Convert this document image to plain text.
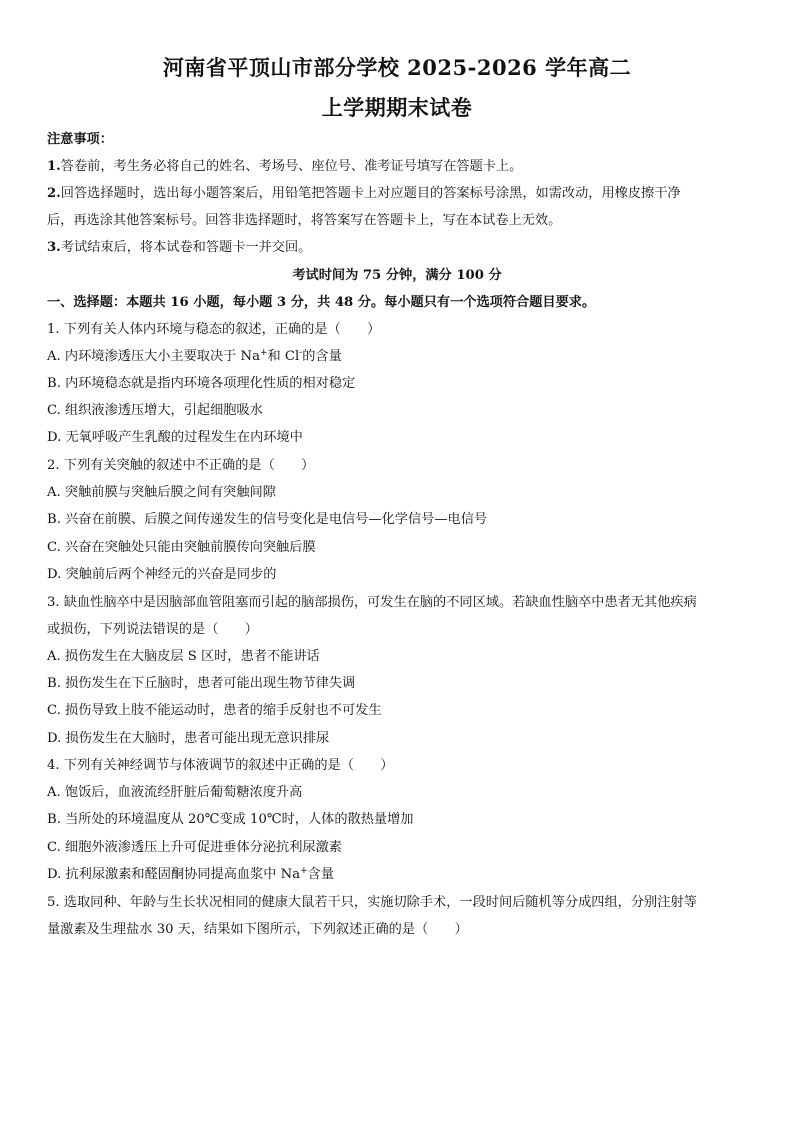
河南省平顶山市部分学校 2025-2026 学年高二
上学期期末试卷
注意事项：
1.答卷前，考生务必将自己的姓名、考场号、座位号、准考证号填写在答题卡上。
2.回答选择题时，选出每小题答案后，用铅笔把答题卡上对应题目的答案标号涂黑，如需改动，用橡皮擦干净
后，再选涂其他答案标号。回答非选择题时，将答案写在答题卡上，写在本试卷上无效。
3.考试结束后，将本试卷和答题卡一并交回。
考试时间为 75 分钟，满分 100 分
一、选择题：本题共 16 小题，每小题 3 分，共 48 分。每小题只有一个选项符合题目要求。
1. 下列有关人体内环境与稳态的叙述，正确的是（　　）
A. 内环境渗透压大小主要取决于 Na+和 Cl-的含量
B. 内环境稳态就是指内环境各项理化性质的相对稳定
C. 组织液渗透压增大，引起细胞吸水
D. 无氧呼吸产生乳酸的过程发生在内环境中
2. 下列有关突触的叙述中不正确的是（　　）
A. 突触前膜与突触后膜之间有突触间隙
B. 兴奋在前膜、后膜之间传递发生的信号变化是电信号—化学信号—电信号
C. 兴奋在突触处只能由突触前膜传向突触后膜
D. 突触前后两个神经元的兴奋是同步的
3. 缺血性脑卒中是因脑部血管阻塞而引起的脑部损伤，可发生在脑的不同区域。若缺血性脑卒中患者无其他疾病
或损伤，下列说法错误的是（　　）
A. 损伤发生在大脑皮层 S 区时，患者不能讲话
B. 损伤发生在下丘脑时，患者可能出现生物节律失调
C. 损伤导致上肢不能运动时，患者的缩手反射也不可发生
D. 损伤发生在大脑时，患者可能出现无意识排尿
4. 下列有关神经调节与体液调节的叙述中正确的是（　　）
A. 饱饭后，血液流经肝脏后葡萄糖浓度升高
B. 当所处的环境温度从 20℃变成 10℃时，人体的散热量增加
C. 细胞外液渗透压上升可促进垂体分泌抗利尿激素
D. 抗利尿激素和醛固酮协同提高血浆中 Na+含量
5. 选取同种、年龄与生长状况相同的健康大鼠若干只，实施切除手术，一段时间后随机等分成四组，分别注射等
量激素及生理盐水 30 天，结果如下图所示，下列叙述正确的是（　　）
